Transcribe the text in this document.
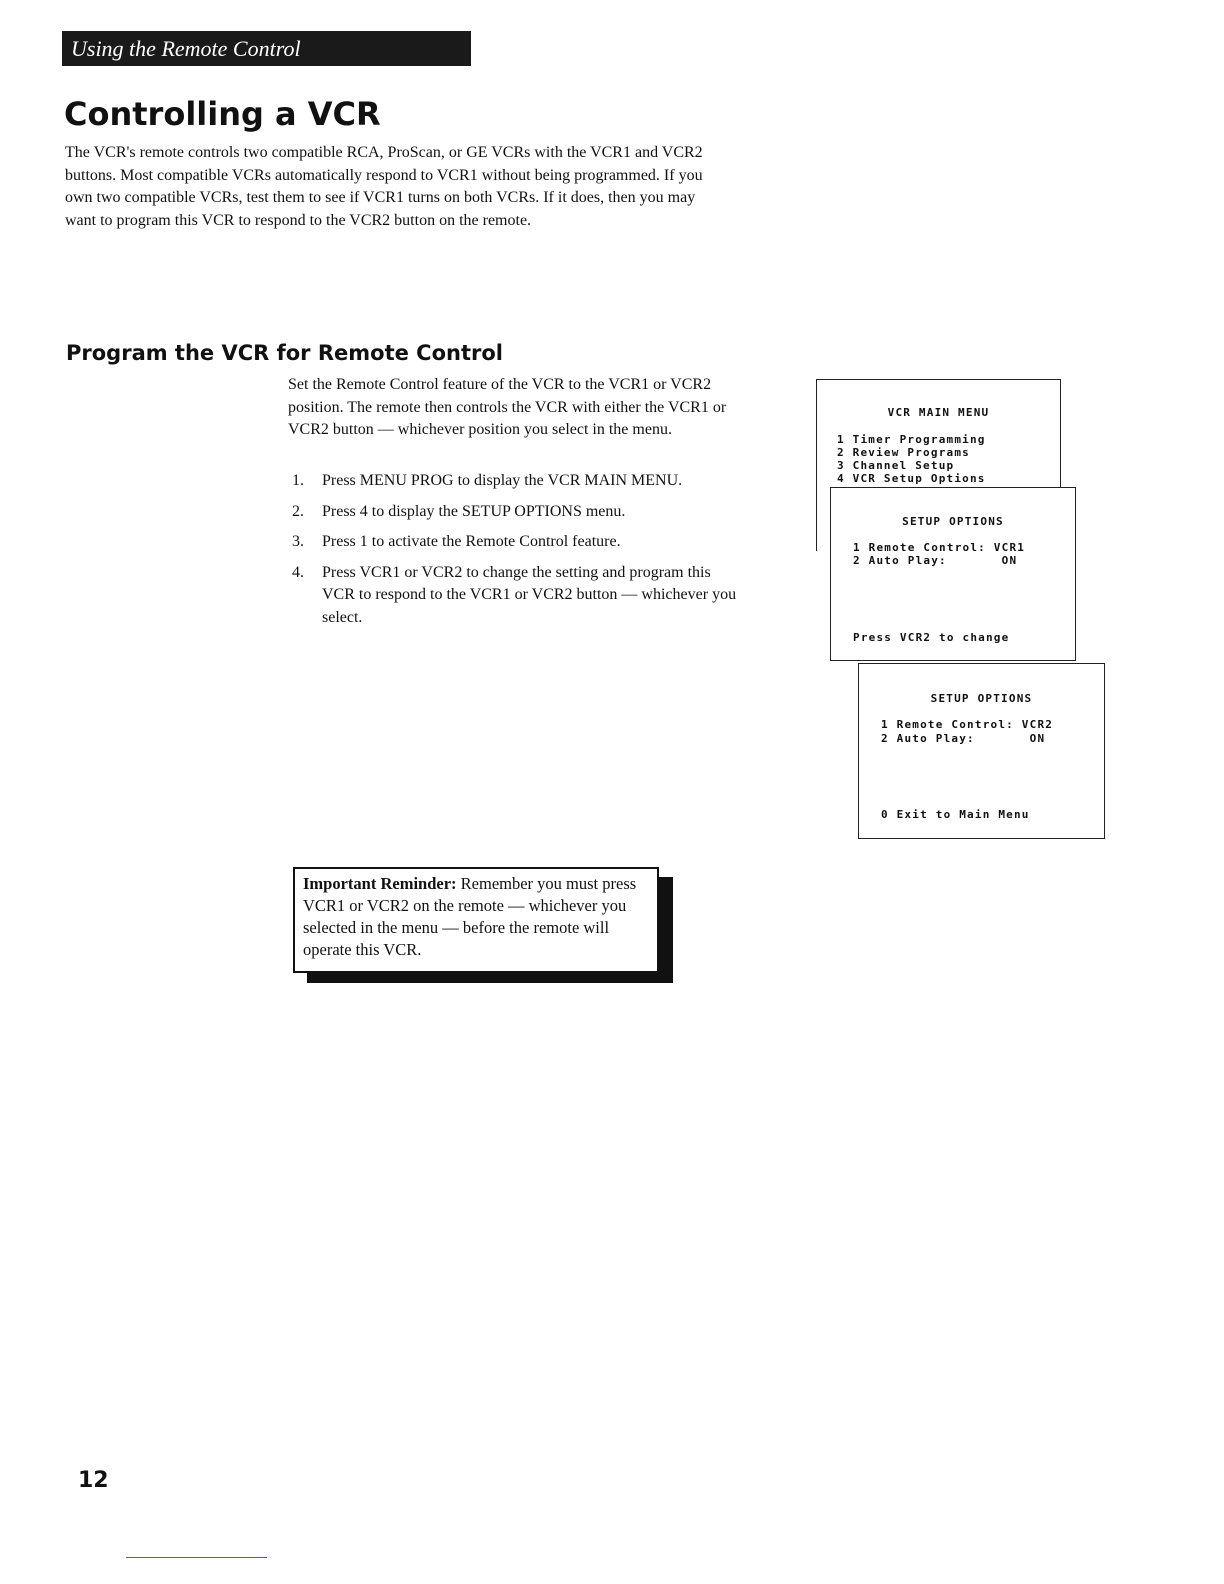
Using the Remote Control
Controlling a VCR

The VCR's remote controls two compatible RCA, ProScan, or GE VCRs with the VCR1 and VCR2 buttons. Most compatible VCRs automatically respond to VCR1 without being programmed. If you own two compatible VCRs, test them to see if VCR1 turns on both VCRs. If it does, then you may want to program this VCR to respond to the VCR2 button on the remote.

Program the VCR for Remote Control

Set the Remote Control feature of the VCR to the VCR1 or VCR2 position. The remote then controls the VCR with either the VCR1 or VCR2 button — whichever position you select in the menu.

1. Press MENU PROG to display the VCR MAIN MENU.
2. Press 4 to display the SETUP OPTIONS menu.
3. Press 1 to activate the Remote Control feature.
4. Press VCR1 or VCR2 to change the setting and program this VCR to respond to the VCR1 or VCR2 button — whichever you select.
Important Reminder: Remember you must press VCR1 or VCR2 on the remote — whichever you selected in the menu — before the remote will operate this VCR.
VCR MAIN MENU
1 Timer Programming
2 Review Programs
3 Channel Setup
4 VCR Setup Options
SETUP OPTIONS
1 Remote Control: VCR1
2 Auto Play:       ON
Press VCR2 to change
SETUP OPTIONS
1 Remote Control: VCR2
2 Auto Play:       ON
0 Exit to Main Menu

12
